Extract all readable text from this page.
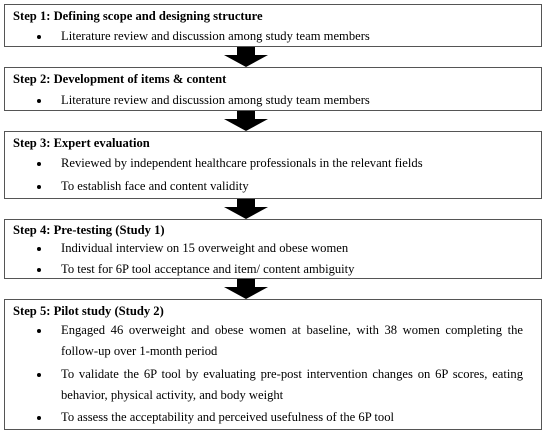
Step 1: Defining scope and designing structure
Literature review and discussion among study team members
Step 2: Development of items & content
Literature review and discussion among study team members
Step 3: Expert evaluation
Reviewed by independent healthcare professionals in the relevant fields
To establish face and content validity
Step 4: Pre-testing (Study 1)
Individual interview on 15 overweight and obese women
To test for 6P tool acceptance and item/ content ambiguity
Step 5: Pilot study (Study 2)
Engaged 46 overweight and obese women at baseline, with 38 women completing the follow-up over 1-month period
To validate the 6P tool by evaluating pre-post intervention changes on 6P scores, eating behavior, physical activity, and body weight
To assess the acceptability and perceived usefulness of the 6P tool
